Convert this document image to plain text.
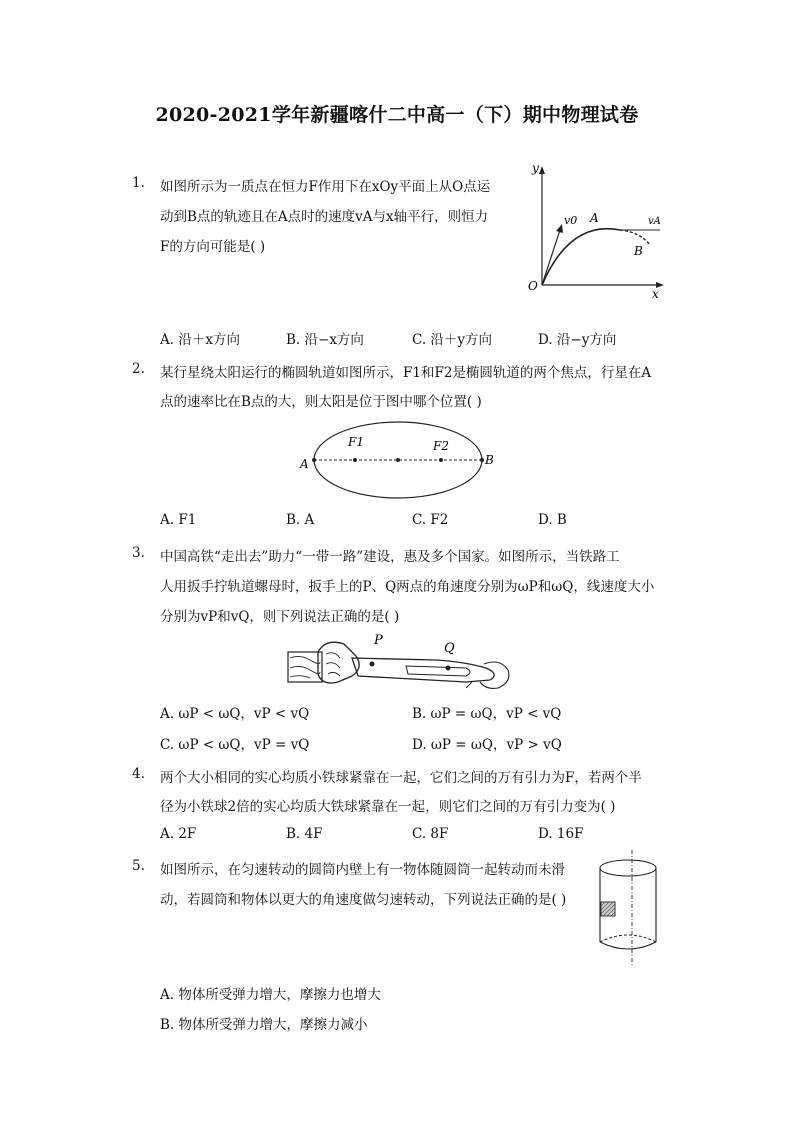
2020-2021学年新疆喀什二中高一（下）期中物理试卷
1. 如图所示为一质点在恒力F作用下在xOy平面上从O点运
动到B点的轨迹且在A点时的速度vA与x轴平行，则恒力
F的方向可能是( )
y
x
O
v0 A	vA
B
A. 沿＋x方向	B. 沿−x方向	C. 沿＋y方向	D. 沿−y方向
2. 某行星绕太阳运行的椭圆轨道如图所示，F1和F2是椭圆轨道的两个焦点，行星在A
点的速率比在B点的大，则太阳是位于图中哪个位置( )
A	B
F1	F2
A. F1	B. A	C. F2	D. B
3. 中国高铁“走出去”助力“一带一路”建设，惠及多个国家。如图所示，当铁路工
人用扳手拧轨道螺母时，扳手上的P、Q两点的角速度分别为ωP和ωQ，线速度大小
分别为vP和vQ，则下列说法正确的是( )
P
Q
A. ωP < ωQ，vP < vQ	B. ωP = ωQ，vP < vQ
C. ωP < ωQ，vP = vQ	D. ωP = ωQ，vP > vQ
4. 两个大小相同的实心均质小铁球紧靠在一起，它们之间的万有引力为F，若两个半
径为小铁球2倍的实心均质大铁球紧靠在一起，则它们之间的万有引力变为( )
A. 2F	B. 4F	C. 8F	D. 16F
5. 如图所示，在匀速转动的圆筒内壁上有一物体随圆筒一起转动而未滑
动，若圆筒和物体以更大的角速度做匀速转动，下列说法正确的是( )
A. 物体所受弹力增大，摩擦力也增大
B. 物体所受弹力增大，摩擦力减小
